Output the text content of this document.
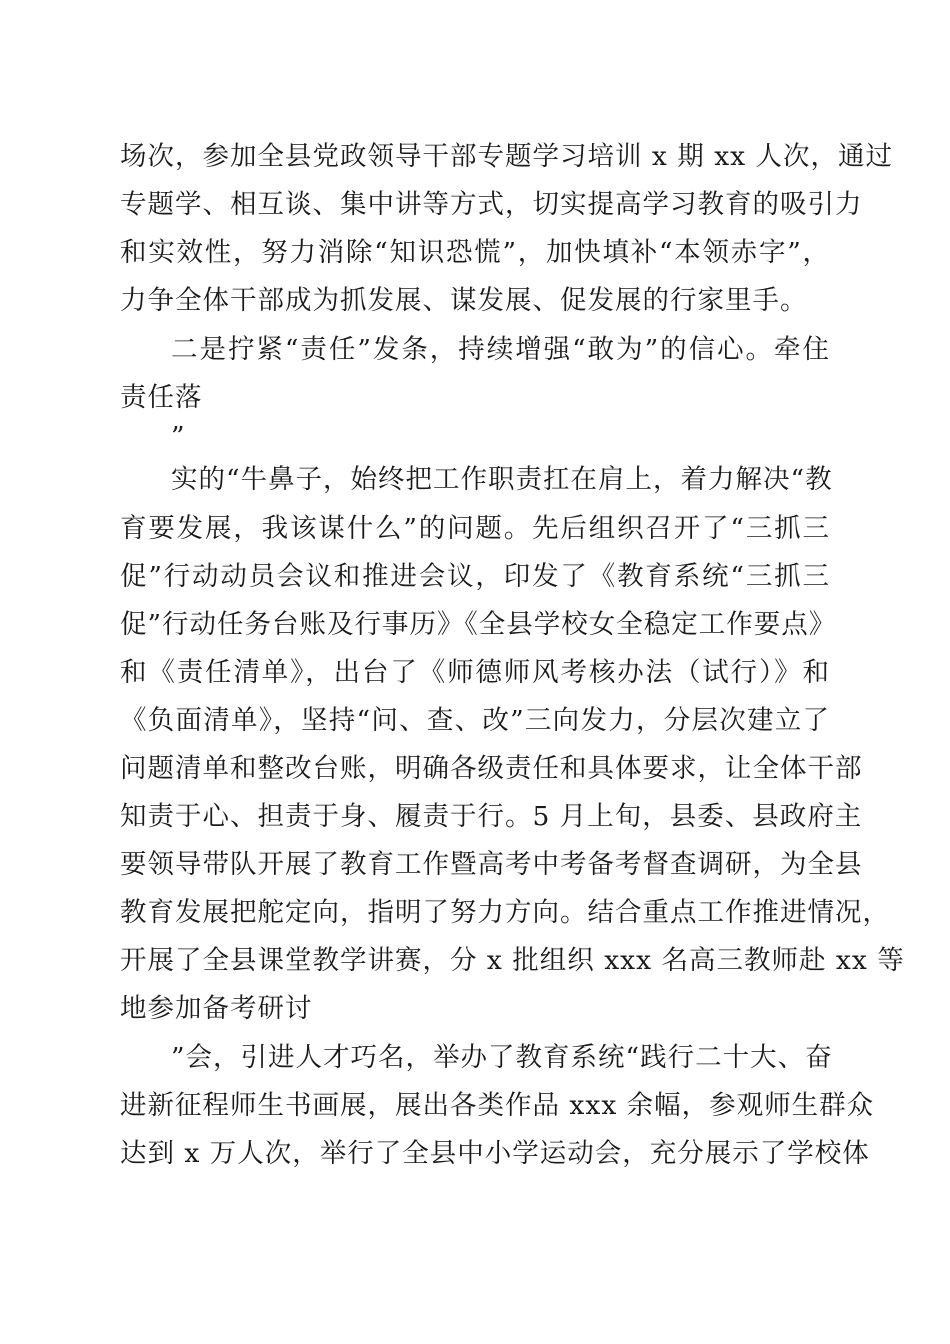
场次，参加全县党政领导干部专题学习培训 x 期 xx 人次，通过
专题学、相互谈、集中讲等方式，切实提高学习教育的吸引力
和实效性，努力消除“知识恐慌”，加快填补“本领赤字”，
力争全体干部成为抓发展、谋发展、促发展的行家里手。
二是拧紧“责任”发条，持续增强“敢为”的信心。牵住
责任落
”
实的“牛鼻子，始终把工作职责扛在肩上，着力解决“教
育要发展，我该谋什么”的问题。先后组织召开了“三抓三
促”行动动员会议和推进会议，印发了《教育系统“三抓三
促”行动任务台账及行事历》《全县学校女全稳定工作要点》
和《责任清单》，出台了《师德师风考核办法（试行）》和
《负面清单》，坚持“问、查、改”三向发力，分层次建立了
问题清单和整改台账，明确各级责任和具体要求，让全体干部
知责于心、担责于身、履责于行。5 月上旬，县委、县政府主
要领导带队开展了教育工作暨高考中考备考督查调研，为全县
教育发展把舵定向，指明了努力方向。结合重点工作推进情况，
开展了全县课堂教学讲赛，分 x 批组织 xxx 名高三教师赴 xx 等
地参加备考研讨
”会，引进人才巧名，举办了教育系统“践行二十大、奋
进新征程师生书画展，展出各类作品 xxx 余幅，参观师生群众
达到 x 万人次，举行了全县中小学运动会，充分展示了学校体
